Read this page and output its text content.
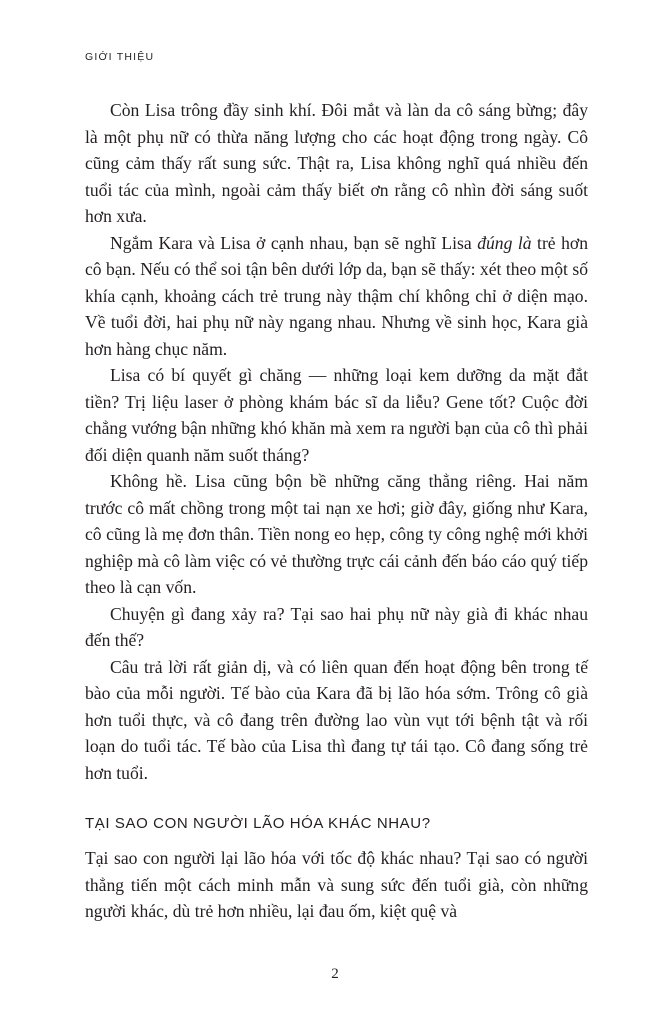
GIỚI THIỆU

Còn Lisa trông đầy sinh khí. Đôi mắt và làn da cô sáng bừng; đây là một phụ nữ có thừa năng lượng cho các hoạt động trong ngày. Cô cũng cảm thấy rất sung sức. Thật ra, Lisa không nghĩ quá nhiều đến tuổi tác của mình, ngoài cảm thấy biết ơn rằng cô nhìn đời sáng suốt hơn xưa.

Ngắm Kara và Lisa ở cạnh nhau, bạn sẽ nghĩ Lisa đúng là trẻ hơn cô bạn. Nếu có thể soi tận bên dưới lớp da, bạn sẽ thấy: xét theo một số khía cạnh, khoảng cách trẻ trung này thậm chí không chỉ ở diện mạo. Về tuổi đời, hai phụ nữ này ngang nhau. Nhưng về sinh học, Kara già hơn hàng chục năm.

Lisa có bí quyết gì chăng — những loại kem dưỡng da mặt đắt tiền? Trị liệu laser ở phòng khám bác sĩ da liễu? Gene tốt? Cuộc đời chẳng vướng bận những khó khăn mà xem ra người bạn của cô thì phải đối diện quanh năm suốt tháng?

Không hề. Lisa cũng bộn bề những căng thẳng riêng. Hai năm trước cô mất chồng trong một tai nạn xe hơi; giờ đây, giống như Kara, cô cũng là mẹ đơn thân. Tiền nong eo hẹp, công ty công nghệ mới khởi nghiệp mà cô làm việc có vẻ thường trực cái cảnh đến báo cáo quý tiếp theo là cạn vốn.

Chuyện gì đang xảy ra? Tại sao hai phụ nữ này già đi khác nhau đến thế?

Câu trả lời rất giản dị, và có liên quan đến hoạt động bên trong tế bào của mỗi người. Tế bào của Kara đã bị lão hóa sớm. Trông cô già hơn tuổi thực, và cô đang trên đường lao vùn vụt tới bệnh tật và rối loạn do tuổi tác. Tế bào của Lisa thì đang tự tái tạo. Cô đang sống trẻ hơn tuổi.

TẠI SAO CON NGƯỜI LÃO HÓA KHÁC NHAU?

Tại sao con người lại lão hóa với tốc độ khác nhau? Tại sao có người thẳng tiến một cách minh mẫn và sung sức đến tuổi già, còn những người khác, dù trẻ hơn nhiều, lại đau ốm, kiệt quệ và

2
